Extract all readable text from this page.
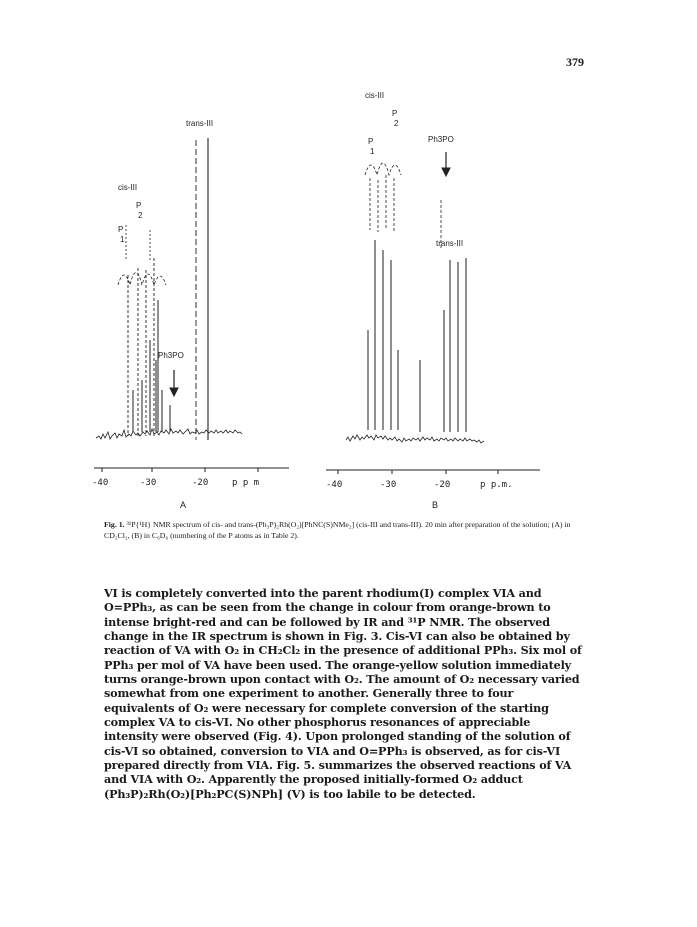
379
trans-III
cis-III
P
2
P
1
Ph3PO
-40	-30	-20	p p m
A
cis-III
P
2
P
1
Ph3PO
trans-III
-40	-30	-20	p p.m.
B
Fig. 1. ³¹P{¹H} NMR spectrum of cis- and trans-(Ph₃P)₂Rh(O₂)[PhNC(S)NMe₂] (cis-III and trans-III). 20 min after preparation of the solution; (A) in CD₂Cl₂, (B) in C₆D₆ (numbering of the P atoms as in Table 2).

VI is completely converted into the parent rhodium(I) complex VIA and O=PPh₃, as can be seen from the change in colour from orange-brown to intense bright-red and can be followed by IR and ³¹P NMR. The observed change in the IR spectrum is shown in Fig. 3. Cis-VI can also be obtained by reaction of VA with O₂ in CH₂Cl₂ in the presence of additional PPh₃. Six mol of PPh₃ per mol of VA have been used. The orange-yellow solution immediately turns orange-brown upon contact with O₂. The amount of O₂ necessary varied somewhat from one experiment to another. Generally three to four equivalents of O₂ were necessary for complete conversion of the starting complex VA to cis-VI. No other phosphorus resonances of appreciable intensity were observed (Fig. 4). Upon prolonged standing of the solution of cis-VI so obtained, conversion to VIA and O=PPh₃ is observed, as for cis-VI prepared directly from VIA. Fig. 5. summarizes the observed reactions of VA and VIA with O₂. Apparently the proposed initially-formed O₂ adduct (Ph₃P)₂Rh(O₂)[Ph₂PC(S)NPh] (V) is too labile to be detected.
